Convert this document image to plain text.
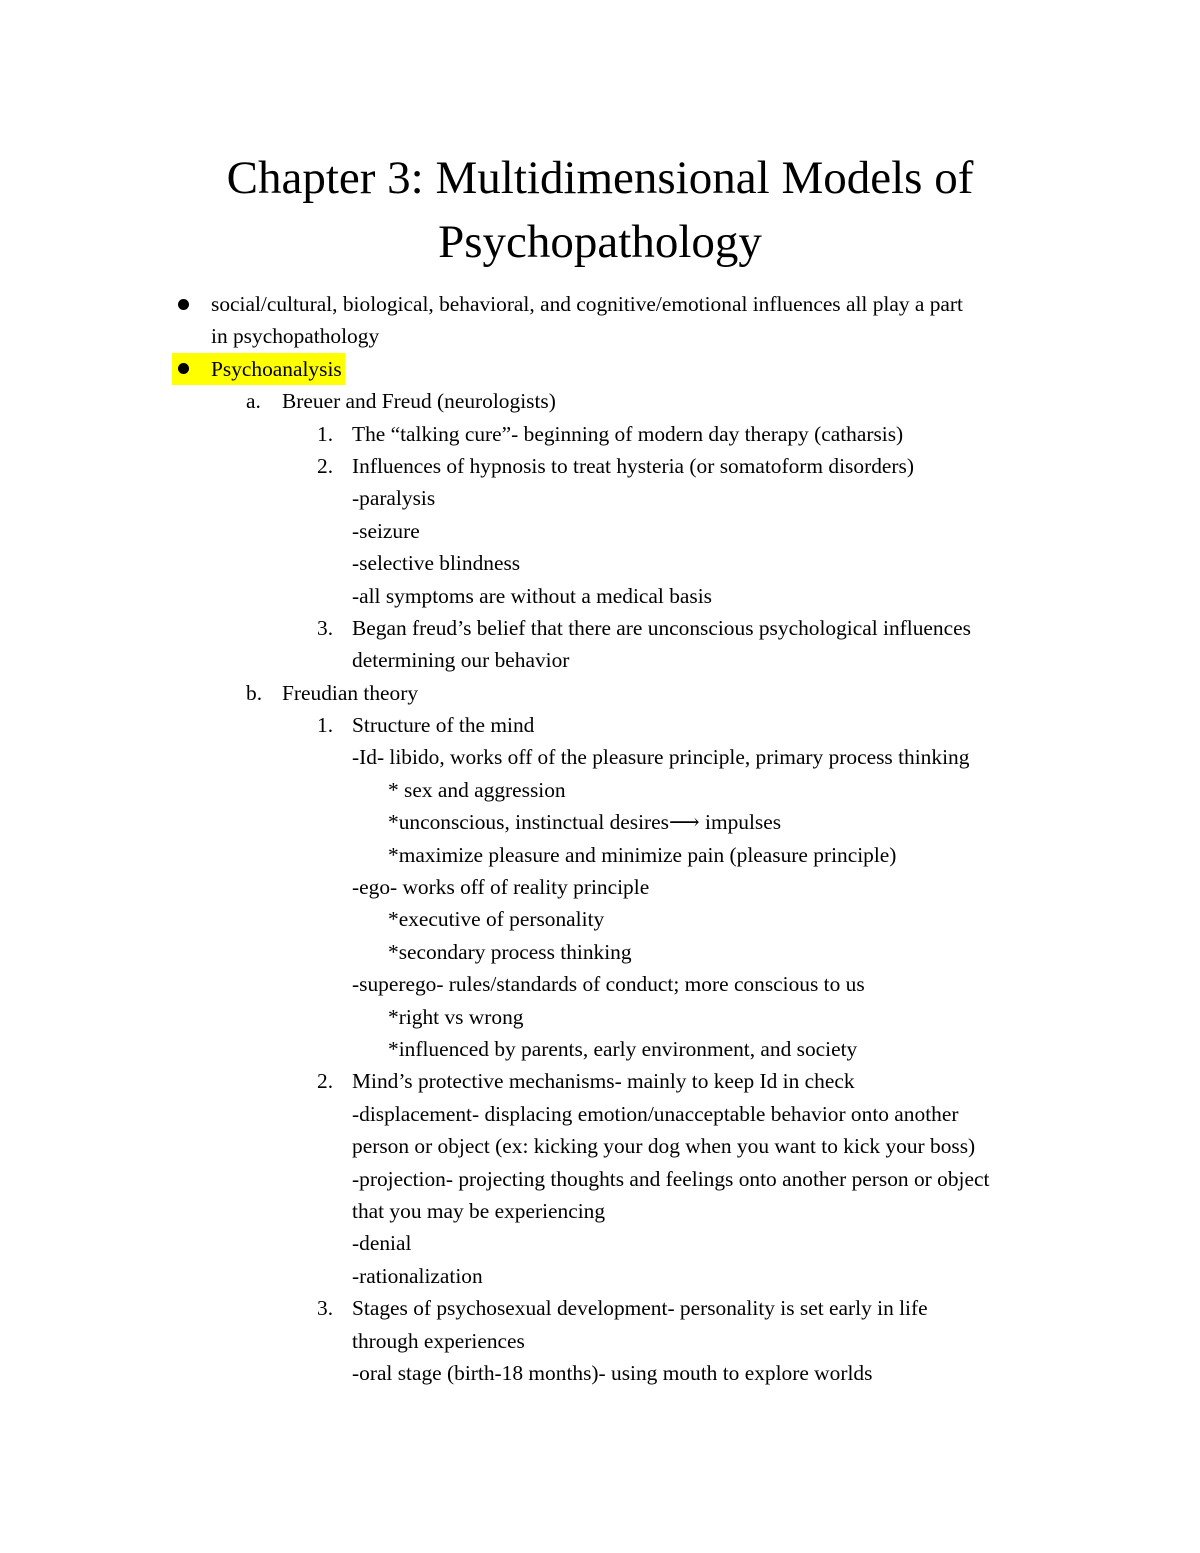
Chapter 3: Multidimensional Models of
Psychopathology
social/cultural, biological, behavioral, and cognitive/emotional influences all play a part
in psychopathology
Psychoanalysis
a. Breuer and Freud (neurologists)
1. The “talking cure”- beginning of modern day therapy (catharsis)
2. Influences of hypnosis to treat hysteria (or somatoform disorders)
-paralysis
-seizure
-selective blindness
-all symptoms are without a medical basis
3. Began freud’s belief that there are unconscious psychological influences
determining our behavior
b. Freudian theory
1. Structure of the mind
-Id- libido, works off of the pleasure principle, primary process thinking
* sex and aggression
*unconscious, instinctual desires⟶ impulses
*maximize pleasure and minimize pain (pleasure principle)
-ego- works off of reality principle
*executive of personality
*secondary process thinking
-superego- rules/standards of conduct; more conscious to us
*right vs wrong
*influenced by parents, early environment, and society
2. Mind’s protective mechanisms- mainly to keep Id in check
-displacement- displacing emotion/unacceptable behavior onto another
person or object (ex: kicking your dog when you want to kick your boss)
-projection- projecting thoughts and feelings onto another person or object
that you may be experiencing
-denial
-rationalization
3. Stages of psychosexual development- personality is set early in life
through experiences
-oral stage (birth-18 months)- using mouth to explore worlds
